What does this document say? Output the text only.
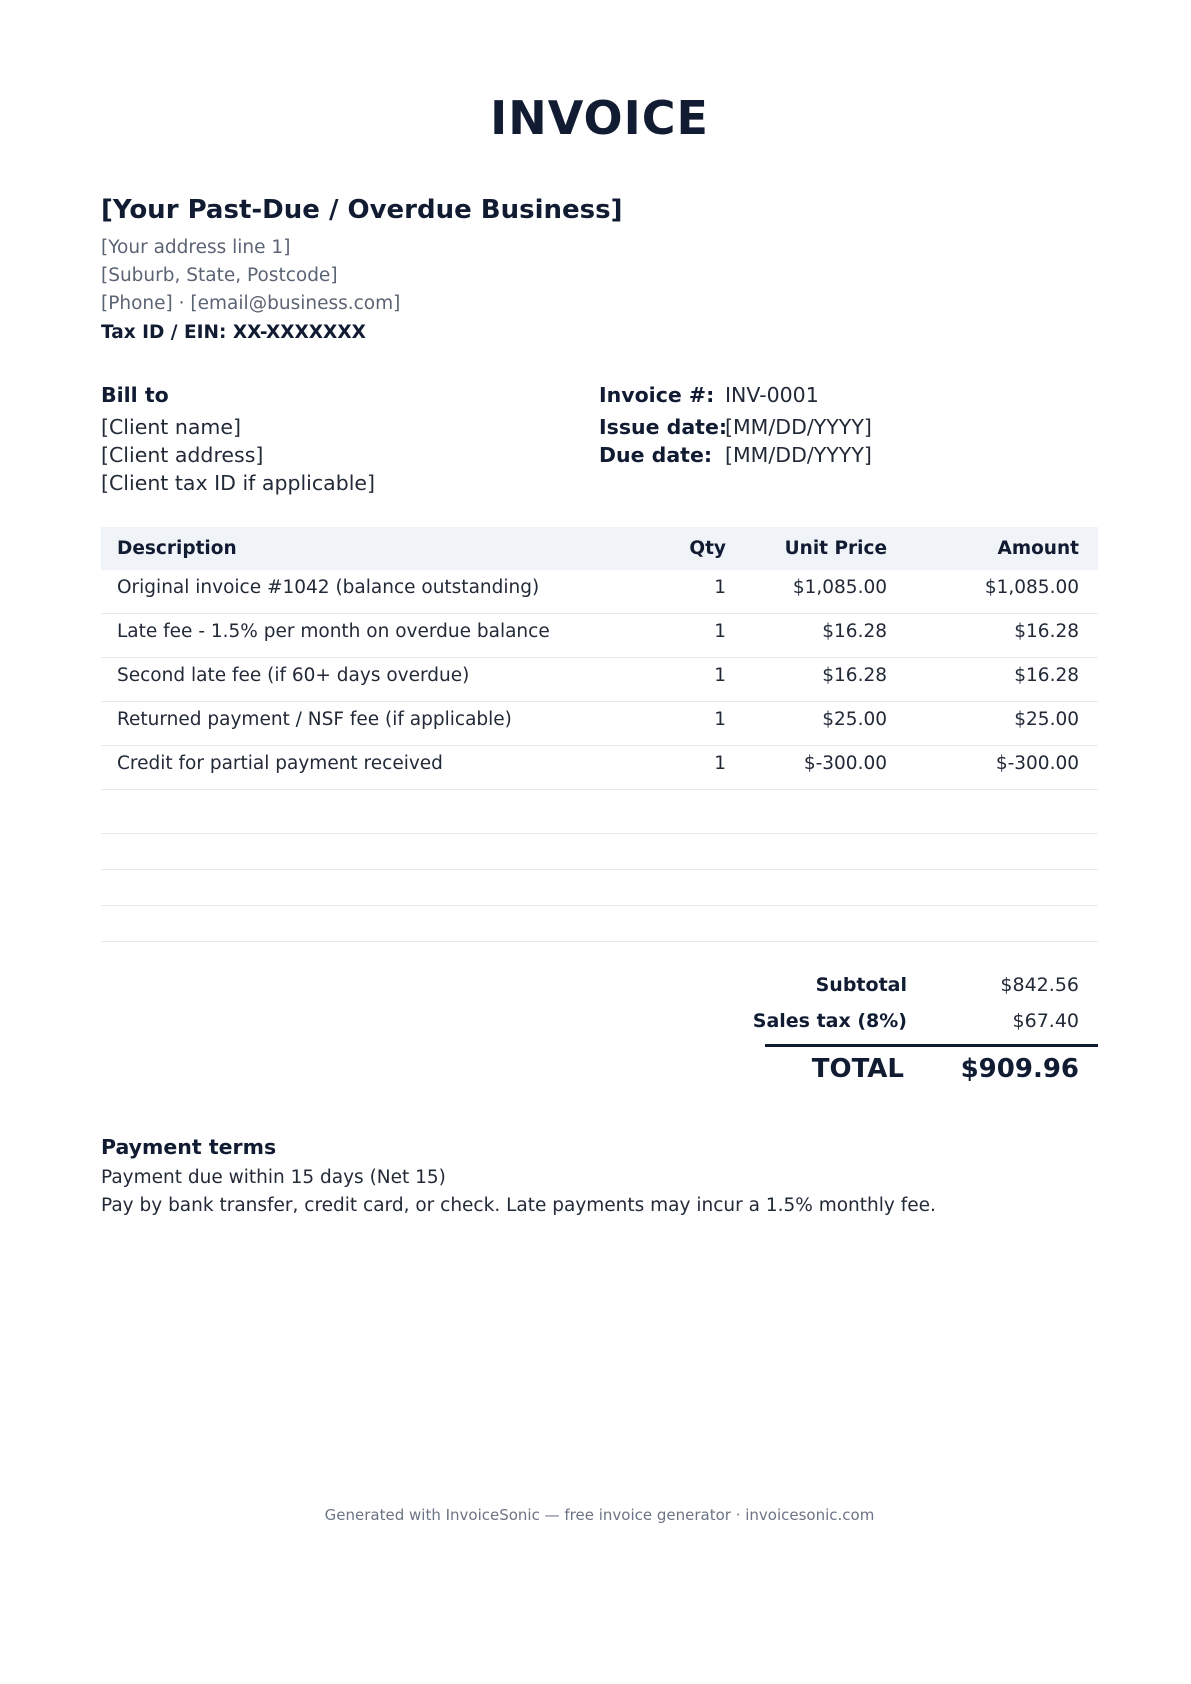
INVOICE
[Your Past-Due / Overdue Business]
[Your address line 1]
[Suburb, State, Postcode]
[Phone] · [email@business.com]
Tax ID / EIN: XX-XXXXXXX
Bill to
[Client name]
[Client address]
[Client tax ID if applicable]
Invoice #: INV-0001
Issue date:
[MM/DD/YYYY]
Due date: [MM/DD/YYYY]
Description	Qty	Unit Price	Amount
Original invoice #1042 (balance outstanding)	1	$1,085.00	$1,085.00
Late fee - 1.5% per month on overdue balance	1	$16.28	$16.28
Second late fee (if 60+ days overdue)	1	$16.28	$16.28
Returned payment / NSF fee (if applicable)	1	$25.00	$25.00
Credit for partial payment received	1	$-300.00	$-300.00
Subtotal	$842.56
Sales tax (8%)	$67.40
TOTAL $909.96
Payment terms
Payment due within 15 days (Net 15)
Pay by bank transfer, credit card, or check. Late payments may incur a 1.5% monthly fee.
Generated with InvoiceSonic — free invoice generator · invoicesonic.com
